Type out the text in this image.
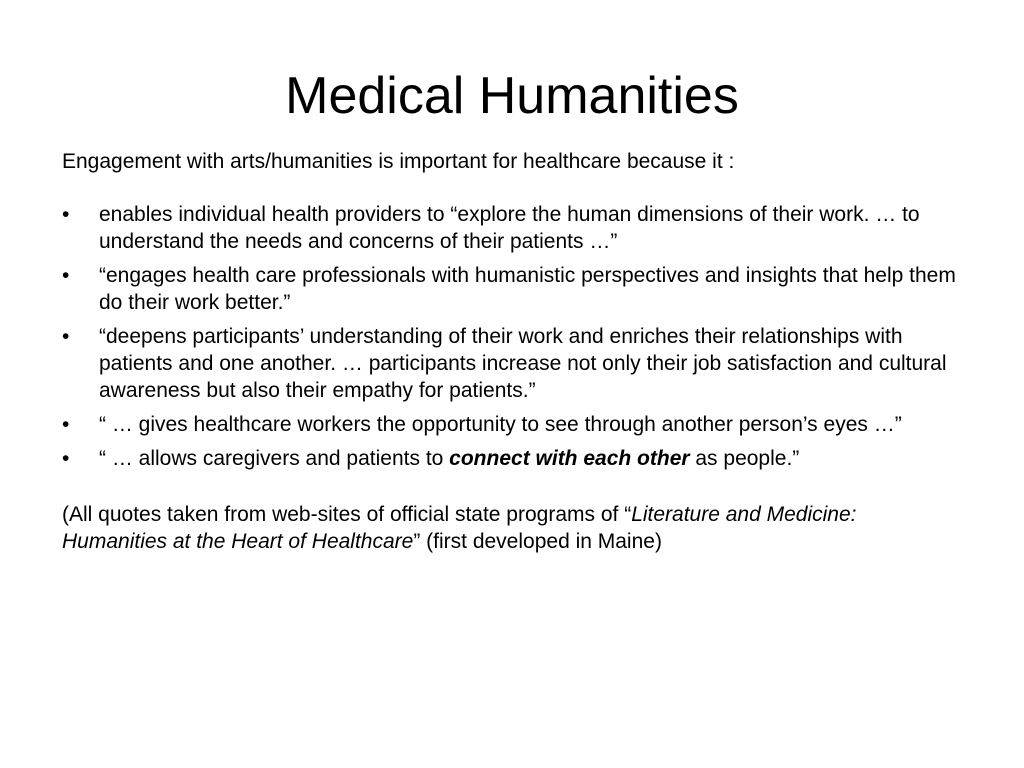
Medical Humanities

Engagement with arts/humanities is important for healthcare because it :

•	enables individual health providers to “explore the human dimensions of their work. … to understand the needs and concerns of their patients …”
•	“engages health care professionals with humanistic perspectives and insights that help them do their work better.”
•	“deepens participants’ understanding of their work and enriches their relationships with patients and one another. … participants increase not only their job satisfaction and cultural awareness but also their empathy for patients.”
•	“ … gives healthcare workers the opportunity to see through another person’s eyes …”
•	“ … allows caregivers and patients to connect with each other as people.”

(All quotes taken from web-sites of official state programs of “Literature and Medicine: Humanities at the Heart of Healthcare” (first developed in Maine)
